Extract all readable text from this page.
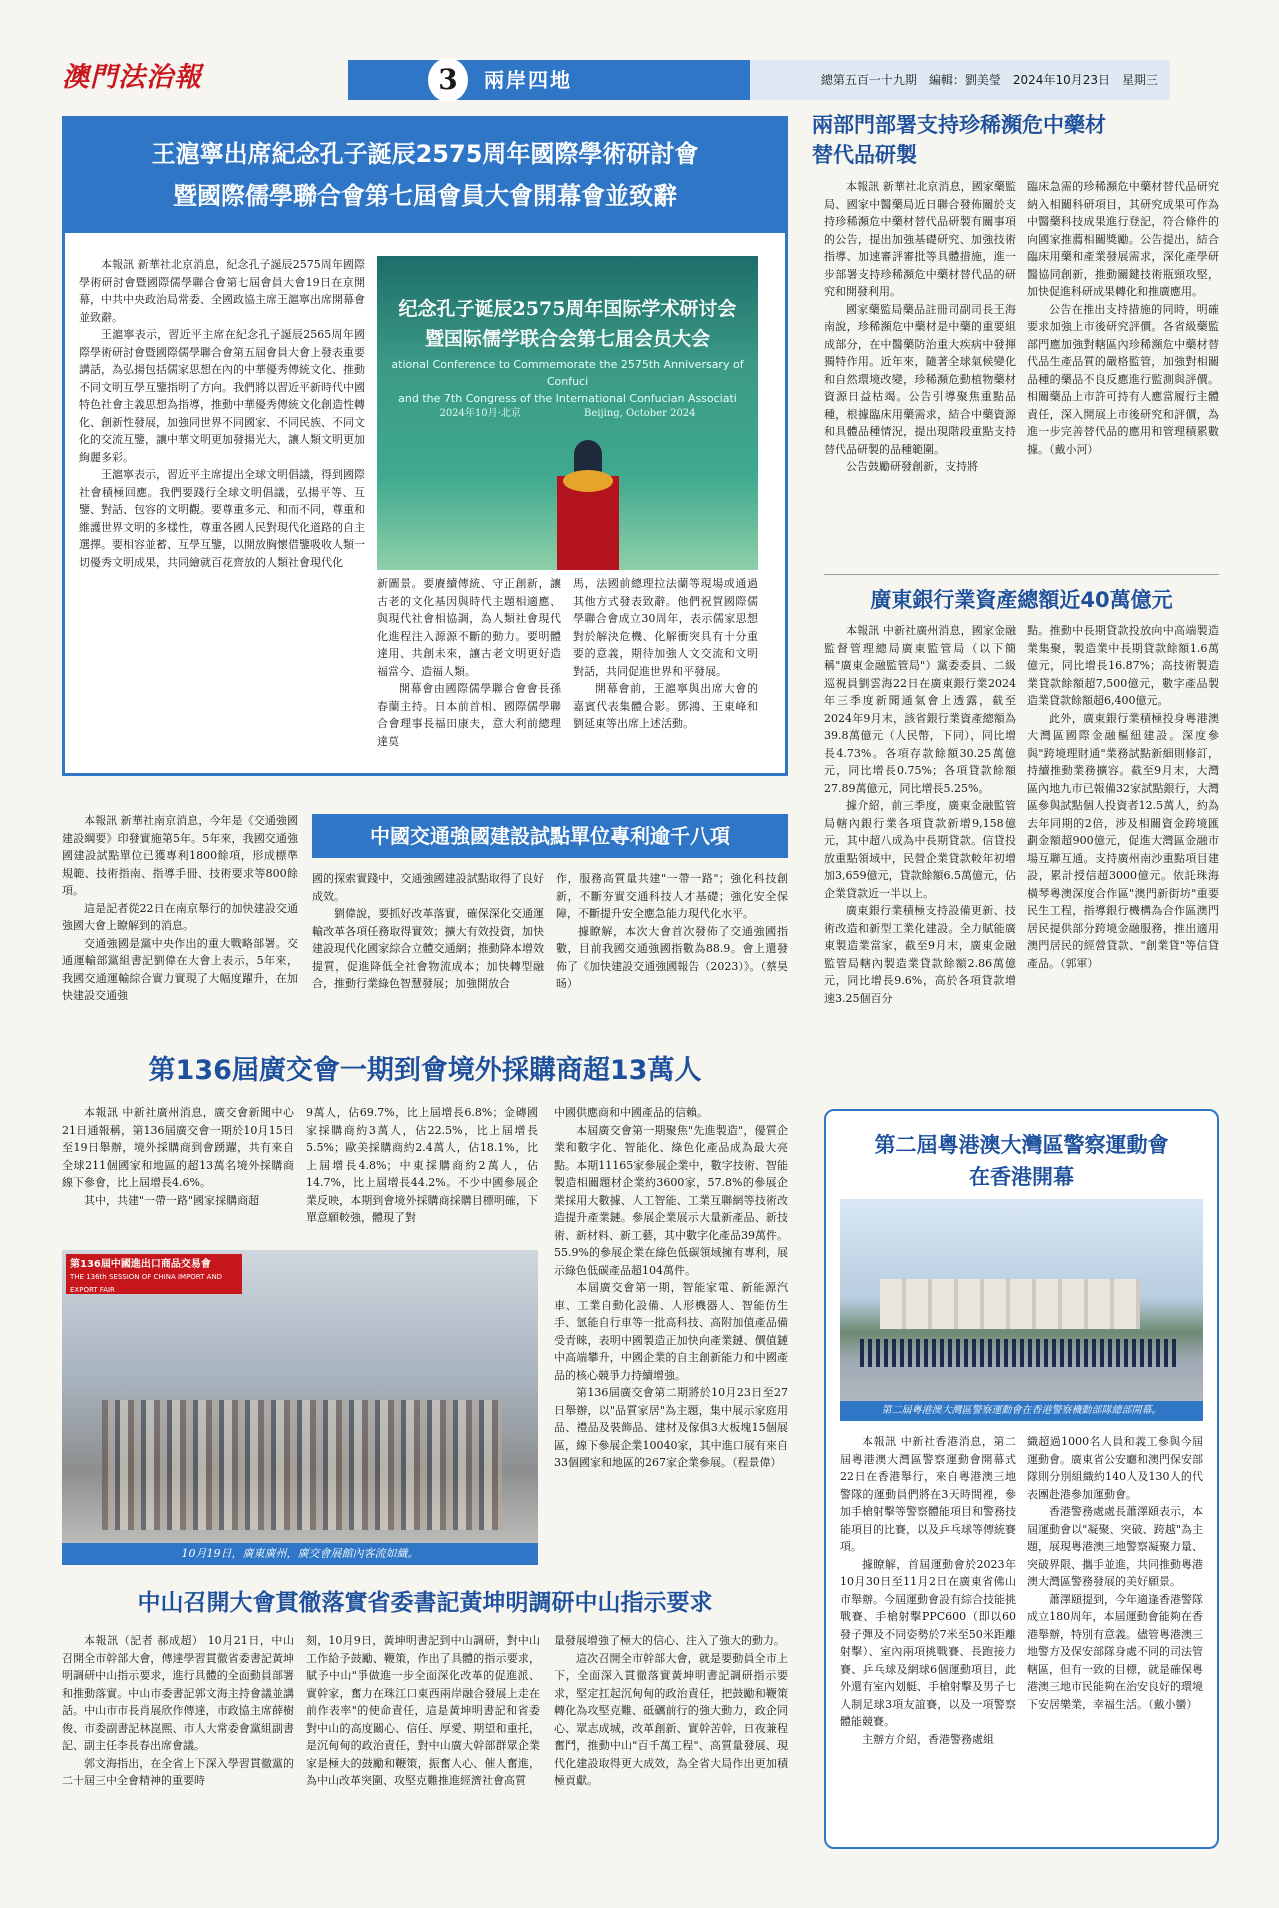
澳門法治報	3	兩岸四地	總第五百一十九期　編輯：劉美瑩　2024年10月23日　星期三
王滬寧出席紀念孔子誕辰2575周年國際學術研討會
暨國際儒學聯合會第七屆會員大會開幕會並致辭

本報訊 新華社北京消息，紀念孔子誕辰2575周年國際學術研討會暨國際儒學聯合會第七屆會員大會19日在京開幕，中共中央政治局常委、全國政協主席王滬寧出席開幕會並致辭。

王滬寧表示，習近平主席在紀念孔子誕辰2565周年國際學術研討會暨國際儒學聯合會第五屆會員大會上發表重要講話，為弘揚包括儒家思想在內的中華優秀傳統文化、推動不同文明互學互鑒指明了方向。我們將以習近平新時代中國特色社會主義思想為指導，推動中華優秀傳統文化創造性轉化、創新性發展，加強同世界不同國家、不同民族、不同文化的交流互鑒，讓中華文明更加發揚光大，讓人類文明更加絢麗多彩。

王滬寧表示，習近平主席提出全球文明倡議，得到國際社會積極回應。我們要踐行全球文明倡議，弘揚平等、互鑒、對話、包容的文明觀。要尊重多元、和而不同，尊重和維護世界文明的多樣性，尊重各國人民對現代化道路的自主選擇。要相容並蓄、互學互鑒，以開放胸懷借鑒吸收人類一切優秀文明成果，共同繪就百花齊放的人類社會現代化

纪念孔子诞辰2575周年国际学术研讨会
暨国际儒学联合会第七届会员大会
ational Conference to Commemorate the 2575th Anniversary of Confuci
and the 7th Congress of the International Confucian Associati
2024年10月·北京	Beijing, October 2024

新圖景。要賡續傳統、守正創新，讓古老的文化基因與時代主題相適應、與現代社會相協調，為人類社會現代化進程注入源源不斷的動力。要明體達用、共創未來，讓古老文明更好造福當今、造福人類。

開幕會由國際儒學聯合會會長孫春蘭主持。日本前首相、國際儒學聯合會理事長福田康夫，意大利前總理達莫

馬，法國前總理拉法蘭等現場或通過其他方式發表致辭。他們祝賀國際儒學聯合會成立30周年，表示儒家思想對於解決危機、化解衝突具有十分重要的意義，期待加強人文交流和文明對話，共同促進世界和平發展。

開幕會前，王滬寧與出席大會的嘉賓代表集體合影。鄧鴻、王東峰和劉延東等出席上述活動。

兩部門部署支持珍稀瀕危中藥材
替代品研製

本報訊 新華社北京消息，國家藥監局、國家中醫藥局近日聯合發佈關於支持珍稀瀕危中藥材替代品研製有關事項的公告，提出加強基礎研究、加強技術指導、加速審評審批等具體措施，進一步部署支持珍稀瀕危中藥材替代品的研究和開發利用。

國家藥監局藥品註冊司副司長王海南說，珍稀瀕危中藥材是中藥的重要組成部分，在中醫藥防治重大疾病中發揮獨特作用。近年來，隨著全球氣候變化和自然環境改變，珍稀瀕危動植物藥材資源日益枯竭。公告引導聚焦重點品種，根據臨床用藥需求，結合中藥資源和具體品種情況，提出現階段重點支持替代品研製的品種範圍。

公告鼓勵研發創新，支持將

臨床急需的珍稀瀕危中藥材替代品研究納入相關科研項目，其研究成果可作為中醫藥科技成果進行登記，符合條件的向國家推薦相關獎勵。公告提出，結合臨床用藥和產業發展需求，深化產學研醫協同創新，推動關鍵技術瓶頸攻堅，加快促進科研成果轉化和推廣應用。

公告在推出支持措施的同時，明確要求加強上市後研究評價。各省級藥監部門應加強對轄區內珍稀瀕危中藥材替代品生產品質的嚴格監管，加強對相關品種的藥品不良反應進行監測與評價。相關藥品上市許可持有人應當履行主體責任，深入開展上市後研究和評價，為進一步完善替代品的應用和管理積累數據。（戴小河）

廣東銀行業資產總額近40萬億元

本報訊 中新社廣州消息，國家金融監督管理總局廣東監管局（以下簡稱"廣東金融監管局"）黨委委員、二級巡視員劉雲海22日在廣東銀行業2024年三季度新聞通氣會上透露，截至2024年9月末，該省銀行業資產總額為39.8萬億元（人民幣，下同），同比增長4.73%。各項存款餘額30.25萬億元，同比增長0.75%；各項貸款餘額27.89萬億元，同比增長5.25%。

據介紹，前三季度，廣東金融監管局轄內銀行業各項貸款新增9,158億元，其中超八成為中長期貸款。信貸投放重點領域中，民營企業貸款較年初增加3,659億元，貸款餘額6.5萬億元，佔企業貸款近一半以上。

廣東銀行業積極支持設備更新、技術改造和新型工業化建設。全力賦能廣東製造業當家，截至9月末，廣東金融監管局轄內製造業貸款餘額2.86萬億元，同比增長9.6%，高於各項貸款增速3.25個百分

點。推動中長期貸款投放向中高端製造業集聚，製造業中長期貸款餘額1.6萬億元，同比增長16.87%；高技術製造業貸款餘額超7,500億元，數字產品製造業貸款餘額超6,400億元。

此外，廣東銀行業積極投身粵港澳大灣區國際金融樞紐建設。深度參與"跨境理財通"業務試點新細則修訂，持續推動業務擴容。截至9月末，大灣區內地九市已報備32家試點銀行，大灣區參與試點個人投資者12.5萬人，約為去年同期的2倍，涉及相關資金跨境匯劃金額超900億元，促進大灣區金融市場互聯互通。支持廣州南沙重點項目建設，累計授信超3000億元。依託珠海橫琴粵澳深度合作區"澳門新街坊"重要民生工程，指導銀行機構為合作區澳門居民提供部分跨境金融服務，推出適用澳門居民的經營貸款、"創業貸"等信貸產品。（郭軍）

本報訊 新華社南京消息，今年是《交通強國建設綱要》印發實施第5年。5年來，我國交通強國建設試點單位已獲專利1800餘項，形成標準規範、技術指南、指導手冊、技術要求等800餘項。

這是記者從22日在南京舉行的加快建設交通強國大會上瞭解到的消息。

交通強國是黨中央作出的重大戰略部署。交通運輸部黨組書記劉偉在大會上表示，5年來，我國交通運輸綜合實力實現了大幅度躍升，在加快建設交通強

中國交通強國建設試點單位專利逾千八項

國的探索實踐中，交通強國建設試點取得了良好成效。

劉偉說，要抓好改革落實，確保深化交通運輸改革各項任務取得實效；擴大有效投資，加快建設現代化國家綜合立體交通網；推動降本增效提質，促進降低全社會物流成本；加快轉型融合，推動行業綠色智慧發展；加強開放合

作，服務高質量共建"一帶一路"；強化科技創新，不斷夯實交通科技人才基礎；強化安全保障，不斷提升安全應急能力現代化水平。

據瞭解，本次大會首次發佈了交通強國指數，目前我國交通強國指數為88.9。會上還發佈了《加快建設交通強國報告（2023）》。（蔡昊旸）

第136屆廣交會一期到會境外採購商超13萬人

本報訊 中新社廣州消息，廣交會新聞中心21日通報稱，第136屆廣交會一期於10月15日至19日舉辦，境外採購商到會踴躍，共有來自全球211個國家和地區的超13萬名境外採購商線下參會，比上屆增長4.6%。

其中，共建"一帶一路"國家採購商超

9萬人，佔69.7%，比上屆增長6.8%；金磚國家採購商約3萬人，佔22.5%，比上屆增長5.5%；歐美採購商約2.4萬人，佔18.1%，比上屆增長4.8%；中東採購商約2萬人，佔14.7%，比上屆增長44.2%。不少中國參展企業反映，本期到會境外採購商採購目標明確，下單意願較強，體現了對

中國供應商和中國產品的信賴。

本屆廣交會第一期聚焦"先進製造"，優質企業和數字化、智能化、綠色化產品成為最大亮點。本期11165家參展企業中，數字技術、智能製造相關題材企業約3600家，57.8%的參展企業採用大數據、人工智能、工業互聯網等技術改造提升產業鏈。參展企業展示大量新產品、新技術、新材料、新工藝，其中數字化產品39萬件。55.9%的參展企業在綠色低碳領域擁有專利，展示綠色低碳產品超104萬件。

本屆廣交會第一期，智能家電、新能源汽車、工業自動化設備、人形機器人、智能仿生手、氫能自行車等一批高科技、高附加值產品備受青睞，表明中國製造正加快向產業鏈、價值鏈中高端攀升，中國企業的自主創新能力和中國產品的核心競爭力持續增強。

第136屆廣交會第二期將於10月23日至27日舉辦，以"品質家居"為主題，集中展示家庭用品、禮品及裝飾品、建材及傢俱3大板塊15個展區，線下參展企業10040家，其中進口展有來自33個國家和地區的267家企業參展。（程景偉）

第136屆中國進出口商品交易會
THE 136th SESSION OF CHINA IMPORT AND EXPORT FAIR
10月19日，廣東廣州，廣交會展館內客流如織。
中山召開大會貫徹落實省委書記黃坤明調研中山指示要求

本報訊（記者 郝成超） 10月21日，中山召開全市幹部大會，傳達學習貫徹省委書記黃坤明調研中山指示要求，進行具體的全面動員部署和推動落實。中山市委書記郭文海主持會議並講話。中山市市長肖展欣作傳達，市政協主席薛樹俊、市委副書記林崑熙、市人大常委會黨組副書記、副主任李長春出席會議。

郭文海指出，在全省上下深入學習貫徹黨的二十屆三中全會精神的重要時

刻，10月9日，黃坤明書記到中山調研，對中山工作給予鼓勵、鞭策，作出了具體的指示要求，賦予中山"爭做進一步全面深化改革的促進派、實幹家，奮力在珠江口東西兩岸融合發展上走在前作表率"的使命責任，這是黃坤明書記和省委對中山的高度關心、信任、厚愛、期望和重托，是沉甸甸的政治責任，對中山廣大幹部群眾企業家是極大的鼓勵和鞭策，振奮人心、催人奮進，為中山改革突圍、攻堅克難推進經濟社會高質

量發展增強了極大的信心、注入了強大的動力。

這次召開全市幹部大會，就是要動員全市上下，全面深入貫徹落實黃坤明書記調研指示要求，堅定扛起沉甸甸的政治責任，把鼓勵和鞭策轉化為攻堅克難、砥礪前行的強大動力，政企同心、眾志成城，改革創新、實幹苦幹，日夜兼程奮鬥，推動中山"百千萬工程"、高質量發展、現代化建設取得更大成效，為全省大局作出更加積極貢獻。

第二屆粵港澳大灣區警察運動會
在香港開幕
第二屆粵港澳大灣區警察運動會在香港警察機動部隊總部開幕。

本報訊 中新社香港消息，第二屆粵港澳大灣區警察運動會開幕式22日在香港舉行，來自粵港澳三地警隊的運動員們將在3天時間裡，參加手槍射擊等警察體能項目和警務技能項目的比賽，以及乒乓球等傳統賽項。

據瞭解，首屆運動會於2023年10月30日至11月2日在廣東省佛山市舉辦。今屆運動會設有綜合技能挑戰賽、手槍射擊PPC600（即以60發子彈及不同姿勢於7米至50米距離射擊）、室內兩項挑戰賽、長跑接力賽、乒乓球及網球6個運動項目，此外還有室內划艇、手槍射擊及男子七人制足球3項友誼賽，以及一項警察體能競賽。

主辦方介紹，香港警務處組

織超過1000名人員和義工參與今屆運動會。廣東省公安廳和澳門保安部隊則分別組織約140人及130人的代表團赴港參加運動會。

香港警務處處長蕭澤頤表示，本屆運動會以"凝聚、突破、跨越"為主題，展現粵港澳三地警察凝聚力量、突破界限、攜手並進，共同推動粵港澳大灣區警務發展的美好願景。

蕭澤頤提到，今年適逢香港警隊成立180周年，本屆運動會能夠在香港舉辦，特別有意義。儘管粵港澳三地警方及保安部隊身處不同的司法管轄區，但有一致的目標，就是確保粵港澳三地市民能夠在治安良好的環境下安居樂業，幸福生活。（戴小蠻）
